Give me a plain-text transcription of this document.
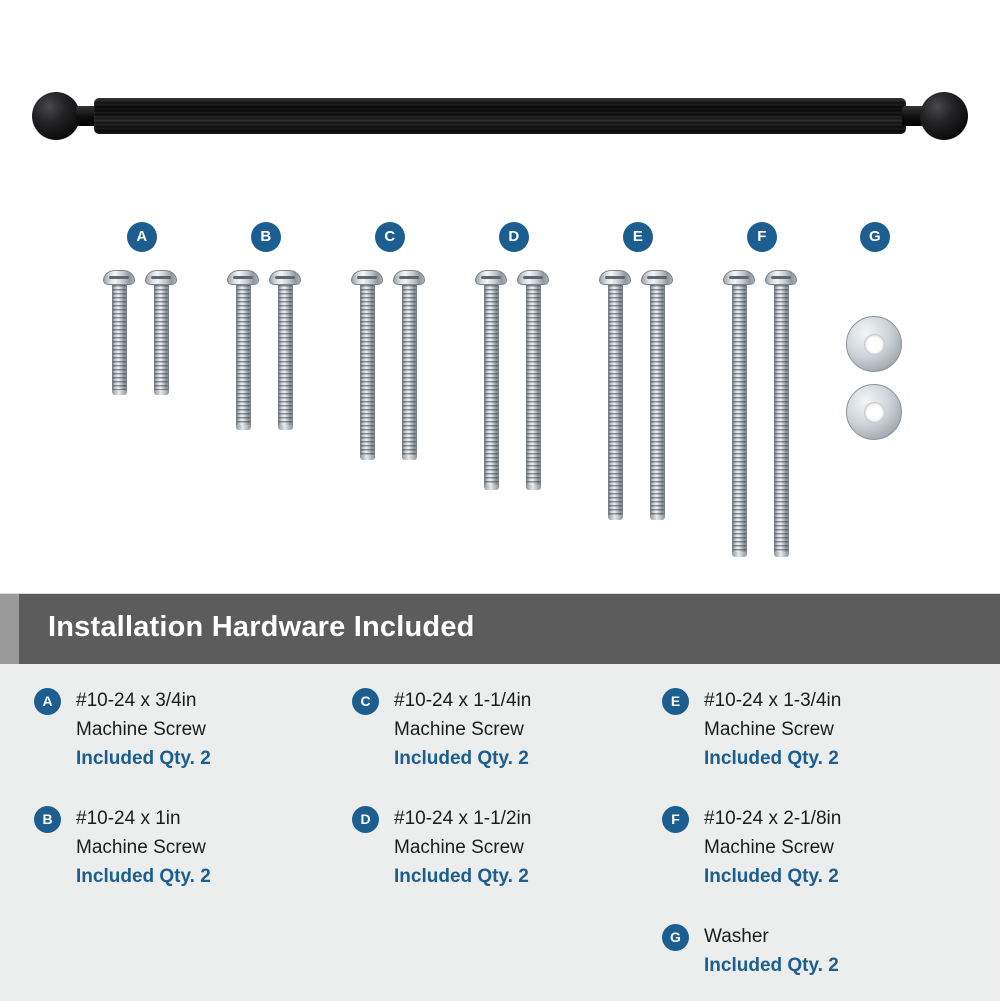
A	B	C	D	E	F	G
Installation Hardware Included
A	#10-24 x 3/4in
Machine Screw
Included Qty. 2
B	#10-24 x 1in
Machine Screw
Included Qty. 2
C	#10-24 x 1-1/4in
Machine Screw
Included Qty. 2
D	#10-24 x 1-1/2in
Machine Screw
Included Qty. 2
E	#10-24 x 1-3/4in
Machine Screw
Included Qty. 2
F	#10-24 x 2-1/8in
Machine Screw
Included Qty. 2
G	Washer
Included Qty. 2
